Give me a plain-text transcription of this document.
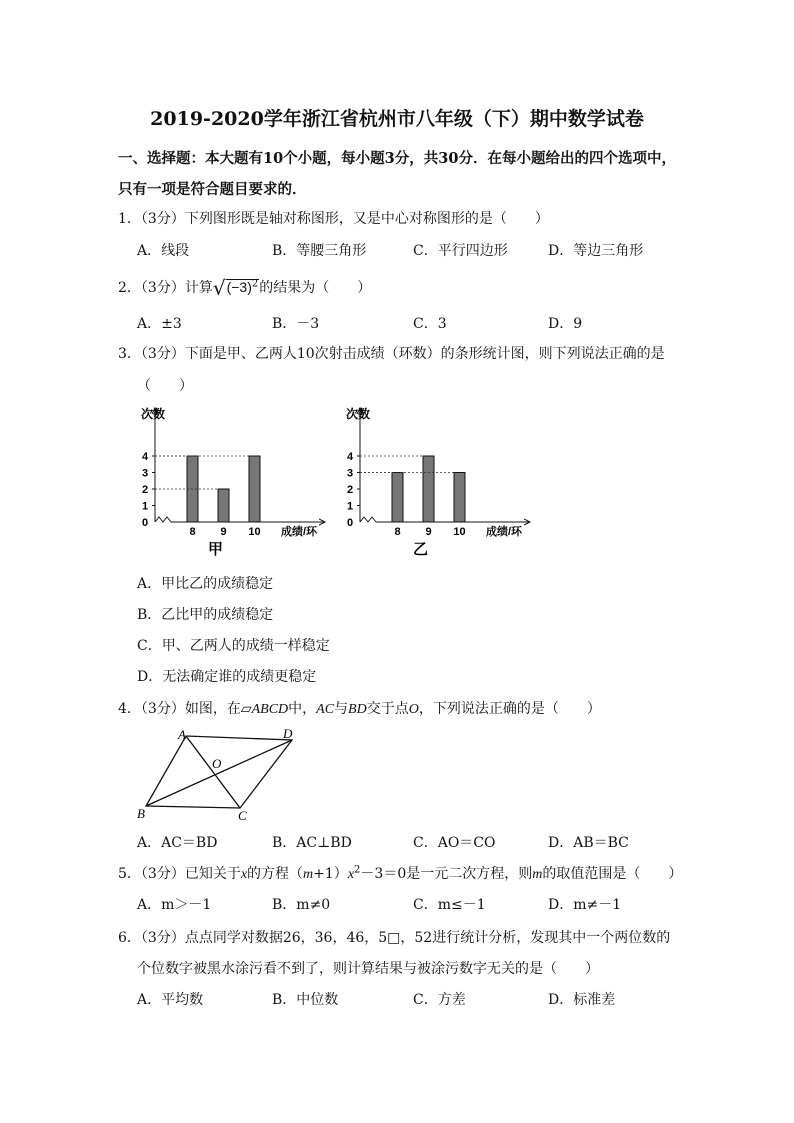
2019-2020学年浙江省杭州市八年级（下）期中数学试卷
一、选择题：本大题有10个小题，每小题3分，共30分．在每小题给出的四个选项中，
只有一项是符合题目要求的．
1．（3分）下列图形既是轴对称图形，又是中心对称图形的是（　　）
A．线段	B．等腰三角形	C．平行四边形	D．等边三角形
2．（3分）计算$√(-3)^2$的结果为（　　）
A．±3	B．－3	C．3	D．9
3．（3分）下面是甲、乙两人10次射击成绩（环数）的条形统计图，则下列说法正确的是
（　　）
次数
0
1
2
3
4
8 9 10 成绩/环
甲
次数
0
1
2
3
4
8 9 10 成绩/环
乙
A．甲比乙的成绩稳定
B．乙比甲的成绩稳定
C．甲、乙两人的成绩一样稳定
D．无法确定谁的成绩更稳定
4．（3分）如图，在▱ABCD中，AC与BD交于点O，下列说法正确的是（　　）
A	D
B	C
O
A．AC＝BD	B．AC⊥BD	C．AO＝CO	D．AB＝BC
5．（3分）已知关于x的方程$(m+1)x^2-3=0$是一元二次方程，则m的取值范围是（　　）
A．m＞－1	B．m≠0	C．m≤－1	D．m≠－1
6．（3分）点点同学对数据26，36，46，5□，52进行统计分析，发现其中一个两位数的
个位数字被黑水涂污看不到了，则计算结果与被涂污数字无关的是（　　）
A．平均数	B．中位数	C．方差	D．标准差
